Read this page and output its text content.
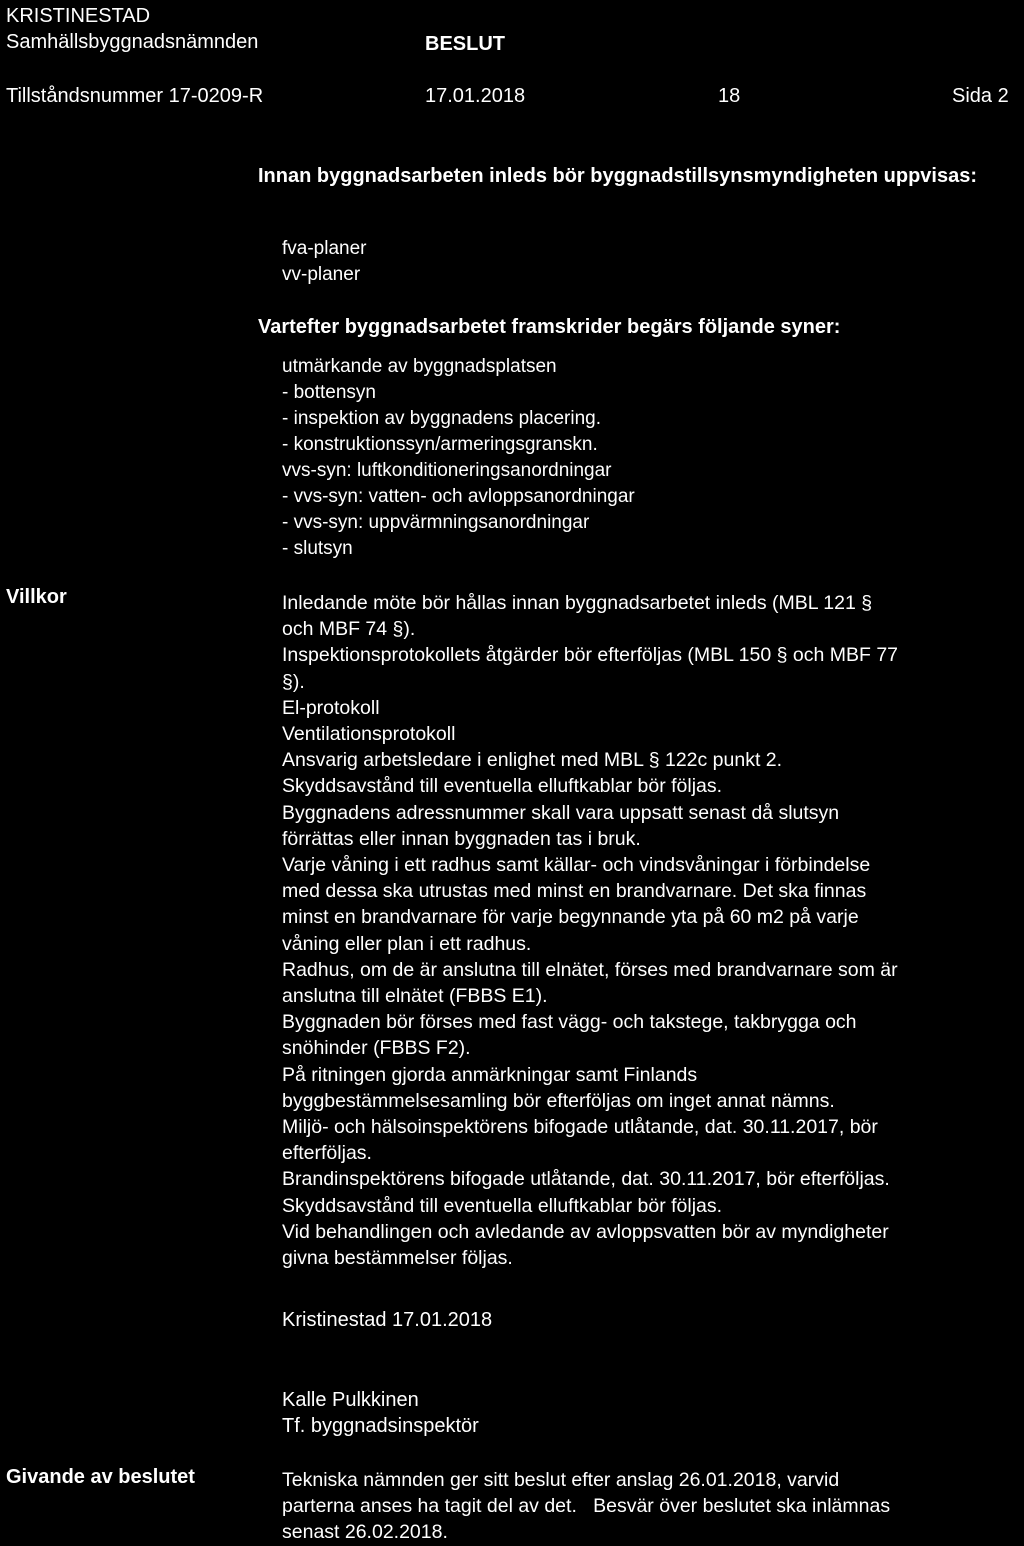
KRISTINESTAD
Samhällsbyggnadsnämnden	BESLUT
Tillståndsnummer 17-0209-R	17.01.2018	18	Sida 2
Innan byggnadsarbeten inleds bör byggnadstillsynsmyndigheten uppvisas:
fva-planer
vv-planer
Vartefter byggnadsarbetet framskrider begärs följande syner:
utmärkande av byggnadsplatsen
- bottensyn
- inspektion av byggnadens placering.
- konstruktionssyn/armeringsgranskn.
vvs-syn: luftkonditioneringsanordningar
- vvs-syn: vatten- och avloppsanordningar
- vvs-syn: uppvärmningsanordningar
- slutsyn
Villkor	Inledande möte bör hållas innan byggnadsarbetet inleds (MBL 121 §
och MBF 74 §).
Inspektionsprotokollets åtgärder bör efterföljas (MBL 150 § och MBF 77
§).
El-protokoll
Ventilationsprotokoll
Ansvarig arbetsledare i enlighet med MBL § 122c punkt 2.
Skyddsavstånd till eventuella elluftkablar bör följas.
Byggnadens adressnummer skall vara uppsatt senast då slutsyn
förrättas eller innan byggnaden tas i bruk.
Varje våning i ett radhus samt källar- och vindsvåningar i förbindelse
med dessa ska utrustas med minst en brandvarnare. Det ska finnas
minst en brandvarnare för varje begynnande yta på 60 m2 på varje
våning eller plan i ett radhus.
Radhus, om de är anslutna till elnätet, förses med brandvarnare som är
anslutna till elnätet (FBBS E1).
Byggnaden bör förses med fast vägg- och takstege, takbrygga och
snöhinder (FBBS F2).
På ritningen gjorda anmärkningar samt Finlands
byggbestämmelsesamling bör efterföljas om inget annat nämns.
Miljö- och hälsoinspektörens bifogade utlåtande, dat. 30.11.2017, bör
efterföljas.
Brandinspektörens bifogade utlåtande, dat. 30.11.2017, bör efterföljas.
Skyddsavstånd till eventuella elluftkablar bör följas.
Vid behandlingen och avledande av avloppsvatten bör av myndigheter
givna bestämmelser följas.
Kristinestad 17.01.2018
Kalle Pulkkinen
Tf. byggnadsinspektör
Givande av beslutet	Tekniska nämnden ger sitt beslut efter anslag 26.01.2018, varvid
parterna anses ha tagit del av det.   Besvär över beslutet ska inlämnas
senast 26.02.2018.
